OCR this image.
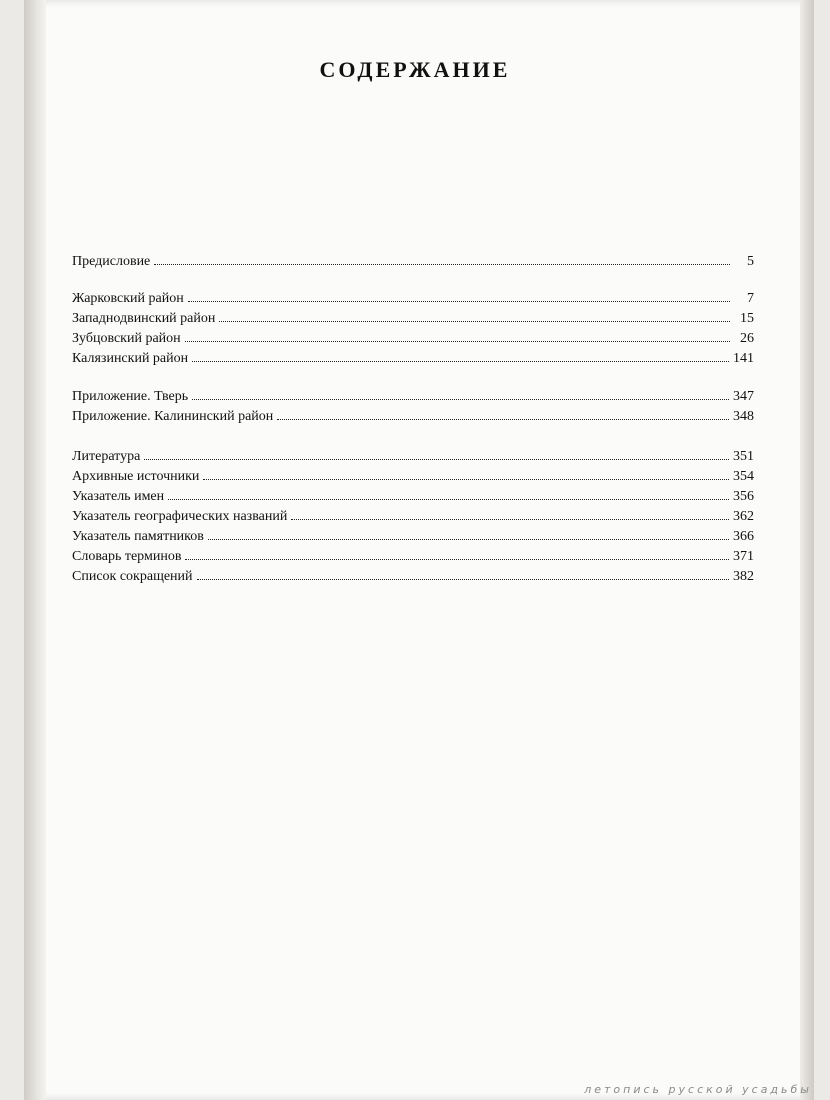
СОДЕРЖАНИЕ
Предисловие	5
Жарковский район	7
Западнодвинский район	15
Зубцовский район	26
Калязинский район	141
Приложение. Тверь	347
Приложение. Калининский район	348
Литература	351
Архивные источники	354
Указатель имен	356
Указатель географических названий	362
Указатель памятников	366
Словарь терминов	371
Список сокращений	382
летопись русской усадьбы
